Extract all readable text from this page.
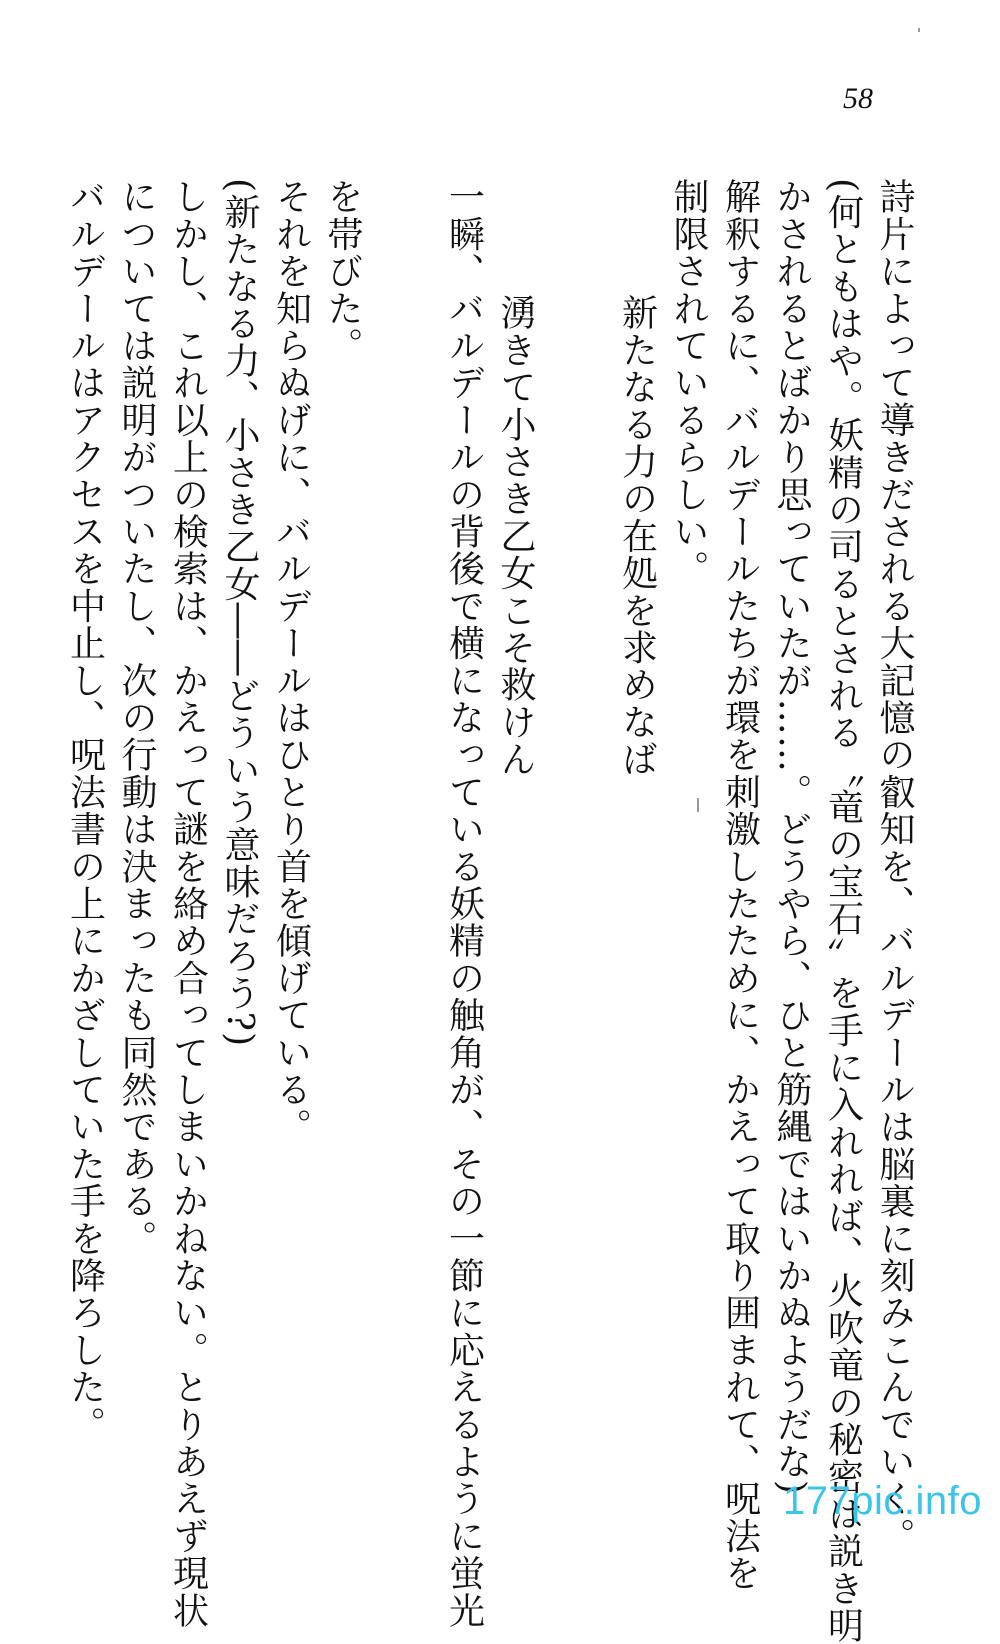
58
詩片によって導きだされる大記憶の叡知を、バルデールは脳裏に刻みこんでいく。
(何ともはや。妖精の司るとされる〝竜の宝石〟を手に入れれば、火吹竜の秘密は説き明
かされるとばかり思っていたが……。どうやら、ひと筋縄ではいかぬようだな)
解釈するに、バルデールたちが環を刺激したために、かえって取り囲まれて、呪法を
制限されているらしい。
新たなる力の在処を求めなば
湧きて小さき乙女こそ救けん
一瞬、バルデールの背後で横になっている妖精の触角が、その一節に応えるように蛍光
を帯びた。
それを知らぬげに、バルデールはひとり首を傾げている。
(新たなる力、小さき乙女――どういう意味だろう?)
しかし、これ以上の検索は、かえって謎を絡め合ってしまいかねない。とりあえず現状
については説明がついたし、次の行動は決まったも同然である。
バルデールはアクセスを中止し、呪法書の上にかざしていた手を降ろした。
177pic.info
